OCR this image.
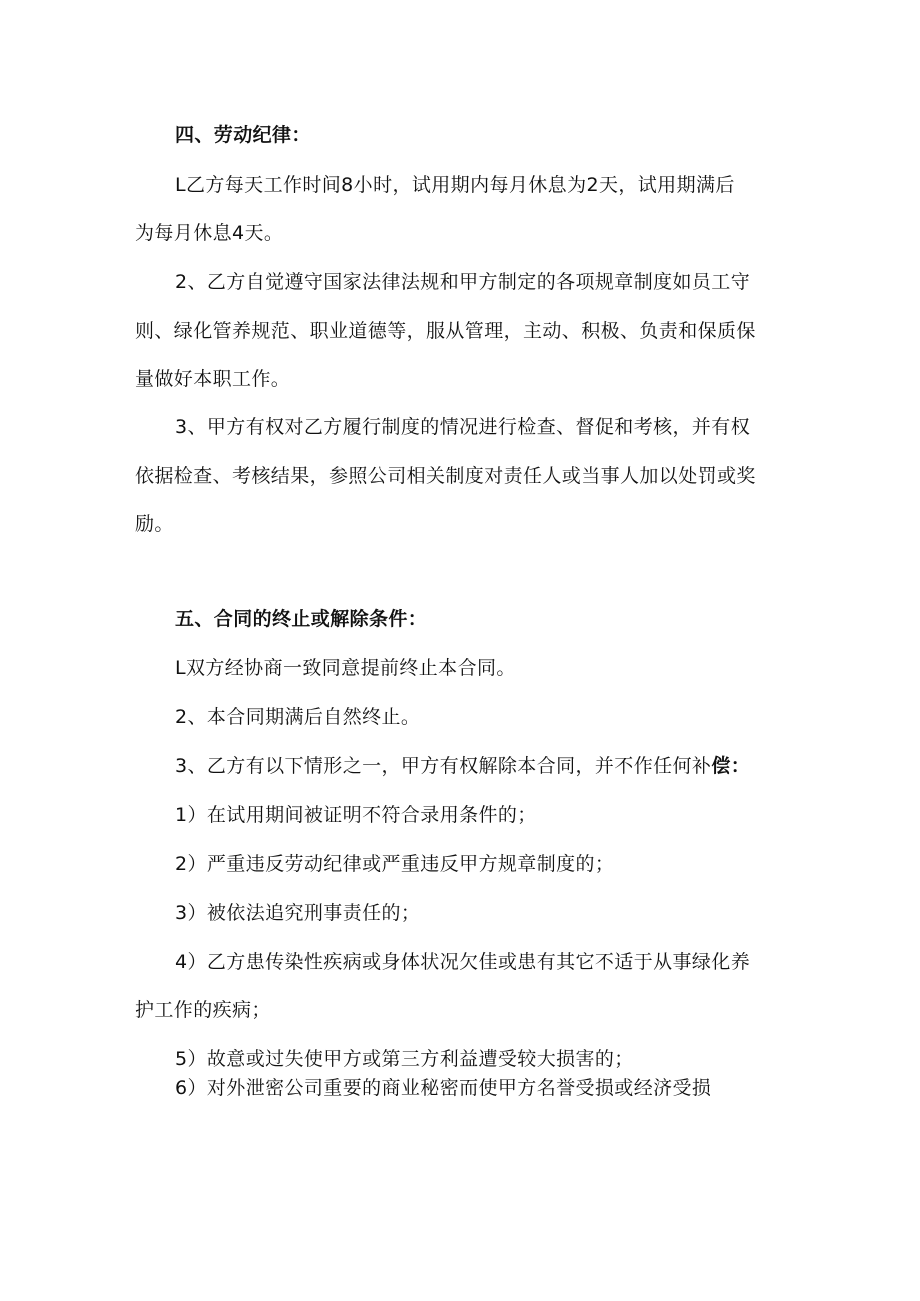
四、劳动纪律：
L乙方每天工作时间8小时，试用期内每月休息为2天，试用期满后
为每月休息4天。
2、乙方自觉遵守国家法律法规和甲方制定的各项规章制度如员工守
则、绿化管养规范、职业道德等，服从管理，主动、积极、负责和保质保
量做好本职工作。
3、甲方有权对乙方履行制度的情况进行检查、督促和考核，并有权
依据检查、考核结果，参照公司相关制度对责任人或当事人加以处罚或奖
励。
五、合同的终止或解除条件：
L双方经协商一致同意提前终止本合同。
2、本合同期满后自然终止。
3、乙方有以下情形之一，甲方有权解除本合同，并不作任何补偿：
1）在试用期间被证明不符合录用条件的；
2）严重违反劳动纪律或严重违反甲方规章制度的；
3）被依法追究刑事责任的；
4）乙方患传染性疾病或身体状况欠佳或患有其它不适于从事绿化养
护工作的疾病；
5）故意或过失使甲方或第三方利益遭受较大损害的；
6）对外泄密公司重要的商业秘密而使甲方名誉受损或经济受损
